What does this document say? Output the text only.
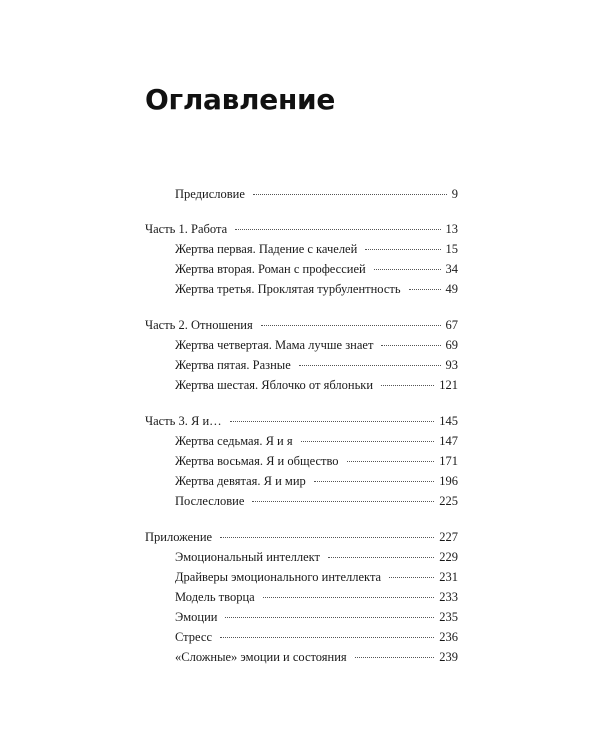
Оглавление
Предисловие	9
Часть 1. Работа	13
Жертва первая. Падение с качелей	15
Жертва вторая. Роман с профессией	34
Жертва третья. Проклятая турбулентность	49
Часть 2. Отношения	67
Жертва четвертая. Мама лучше знает	69
Жертва пятая. Разные	93
Жертва шестая. Яблочко от яблоньки	121
Часть 3. Я и…	145
Жертва седьмая. Я и я	147
Жертва восьмая. Я и общество	171
Жертва девятая. Я и мир	196
Послесловие	225
Приложение	227
Эмоциональный интеллект	229
Драйверы эмоционального интеллекта	231
Модель творца	233
Эмоции	235
Стресс	236
«Сложные» эмоции и состояния	239
